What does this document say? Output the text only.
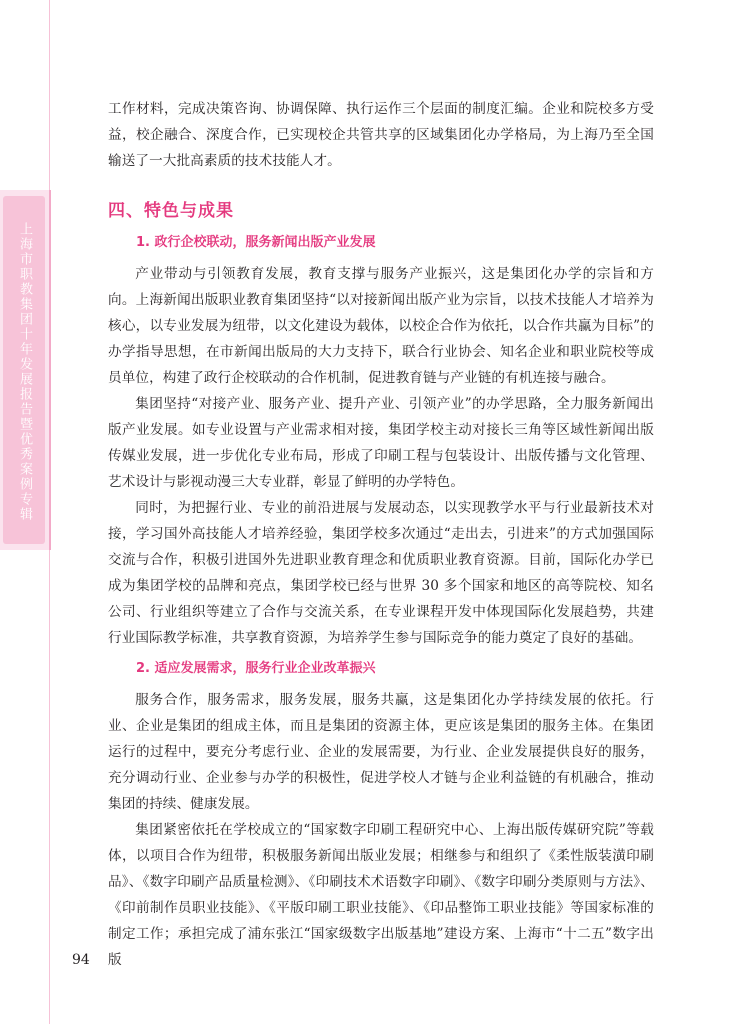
上海市职教集团十年发展报告暨优秀案例专辑

工作材料，完成决策咨询、协调保障、执行运作三个层面的制度汇编。企业和院校多方受益，校企融合、深度合作，已实现校企共管共享的区域集团化办学格局，为上海乃至全国输送了一大批高素质的技术技能人才。

四、特色与成果
1. 政行企校联动，服务新闻出版产业发展

产业带动与引领教育发展，教育支撑与服务产业振兴，这是集团化办学的宗旨和方向。上海新闻出版职业教育集团坚持“以对接新闻出版产业为宗旨，以技术技能人才培养为核心，以专业发展为纽带，以文化建设为载体，以校企合作为依托，以合作共赢为目标”的办学指导思想，在市新闻出版局的大力支持下，联合行业协会、知名企业和职业院校等成员单位，构建了政行企校联动的合作机制，促进教育链与产业链的有机连接与融合。

集团坚持“对接产业、服务产业、提升产业、引领产业”的办学思路，全力服务新闻出版产业发展。如专业设置与产业需求相对接，集团学校主动对接长三角等区域性新闻出版传媒业发展，进一步优化专业布局，形成了印刷工程与包装设计、出版传播与文化管理、艺术设计与影视动漫三大专业群，彰显了鲜明的办学特色。

同时，为把握行业、专业的前沿进展与发展动态，以实现教学水平与行业最新技术对接，学习国外高技能人才培养经验，集团学校多次通过“走出去，引进来”的方式加强国际交流与合作，积极引进国外先进职业教育理念和优质职业教育资源。目前，国际化办学已成为集团学校的品牌和亮点，集团学校已经与世界 30 多个国家和地区的高等院校、知名公司、行业组织等建立了合作与交流关系，在专业课程开发中体现国际化发展趋势，共建行业国际教学标准，共享教育资源，为培养学生参与国际竞争的能力奠定了良好的基础。

2. 适应发展需求，服务行业企业改革振兴

服务合作，服务需求，服务发展，服务共赢，这是集团化办学持续发展的依托。行业、企业是集团的组成主体，而且是集团的资源主体，更应该是集团的服务主体。在集团运行的过程中，要充分考虑行业、企业的发展需要，为行业、企业发展提供良好的服务，充分调动行业、企业参与办学的积极性，促进学校人才链与企业利益链的有机融合，推动集团的持续、健康发展。

集团紧密依托在学校成立的“国家数字印刷工程研究中心、上海出版传媒研究院”等载体，以项目合作为纽带，积极服务新闻出版业发展；相继参与和组织了《柔性版装潢印刷品》、《数字印刷产品质量检测》、《印刷技术术语数字印刷》、《数字印刷分类原则与方法》、《印前制作员职业技能》、《平版印刷工职业技能》、《印品整饰工职业技能》等国家标准的制定工作；承担完成了浦东张江“国家级数字出版基地”建设方案、上海市“十二五”数字出版

94
